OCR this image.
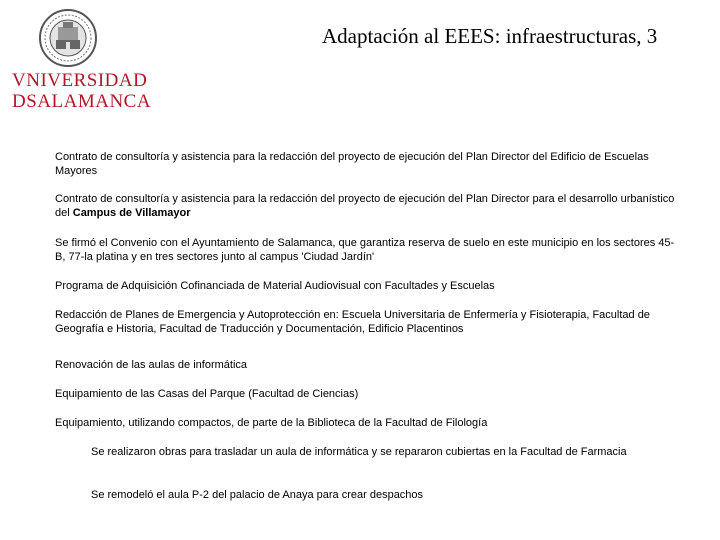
VNIVERSIDAD
DSALAMANCA
Adaptación al EEES: infraestructuras, 3

Contrato de consultoría y asistencia para la redacción del proyecto de ejecución del Plan Director del Edificio de Escuelas Mayores

Contrato de consultoría y asistencia para la redacción del proyecto de ejecución del Plan Director para el desarrollo urbanístico del Campus de Villamayor

Se firmó el Convenio con el Ayuntamiento de Salamanca, que garantiza reserva de suelo en este municipio en los sectores 45-B, 77-la platina y en tres sectores junto al campus 'Ciudad Jardín'

Programa de Adquisición Cofinanciada de Material Audiovisual con Facultades y Escuelas

Redacción de Planes de Emergencia y Autoprotección en: Escuela Universitaria de Enfermería y Fisioterapia, Facultad de Geografía e Historia, Facultad de Traducción y Documentación, Edificio Placentinos

Renovación de las aulas de informática

Equipamiento de las Casas del Parque (Facultad de Ciencias)

Equipamiento, utilizando compactos, de parte de la Biblioteca de la Facultad de Filología

Se realizaron obras para trasladar un aula de informática y se repararon cubiertas en la Facultad de Farmacia

Se remodeló el aula P-2 del palacio de Anaya para crear despachos
